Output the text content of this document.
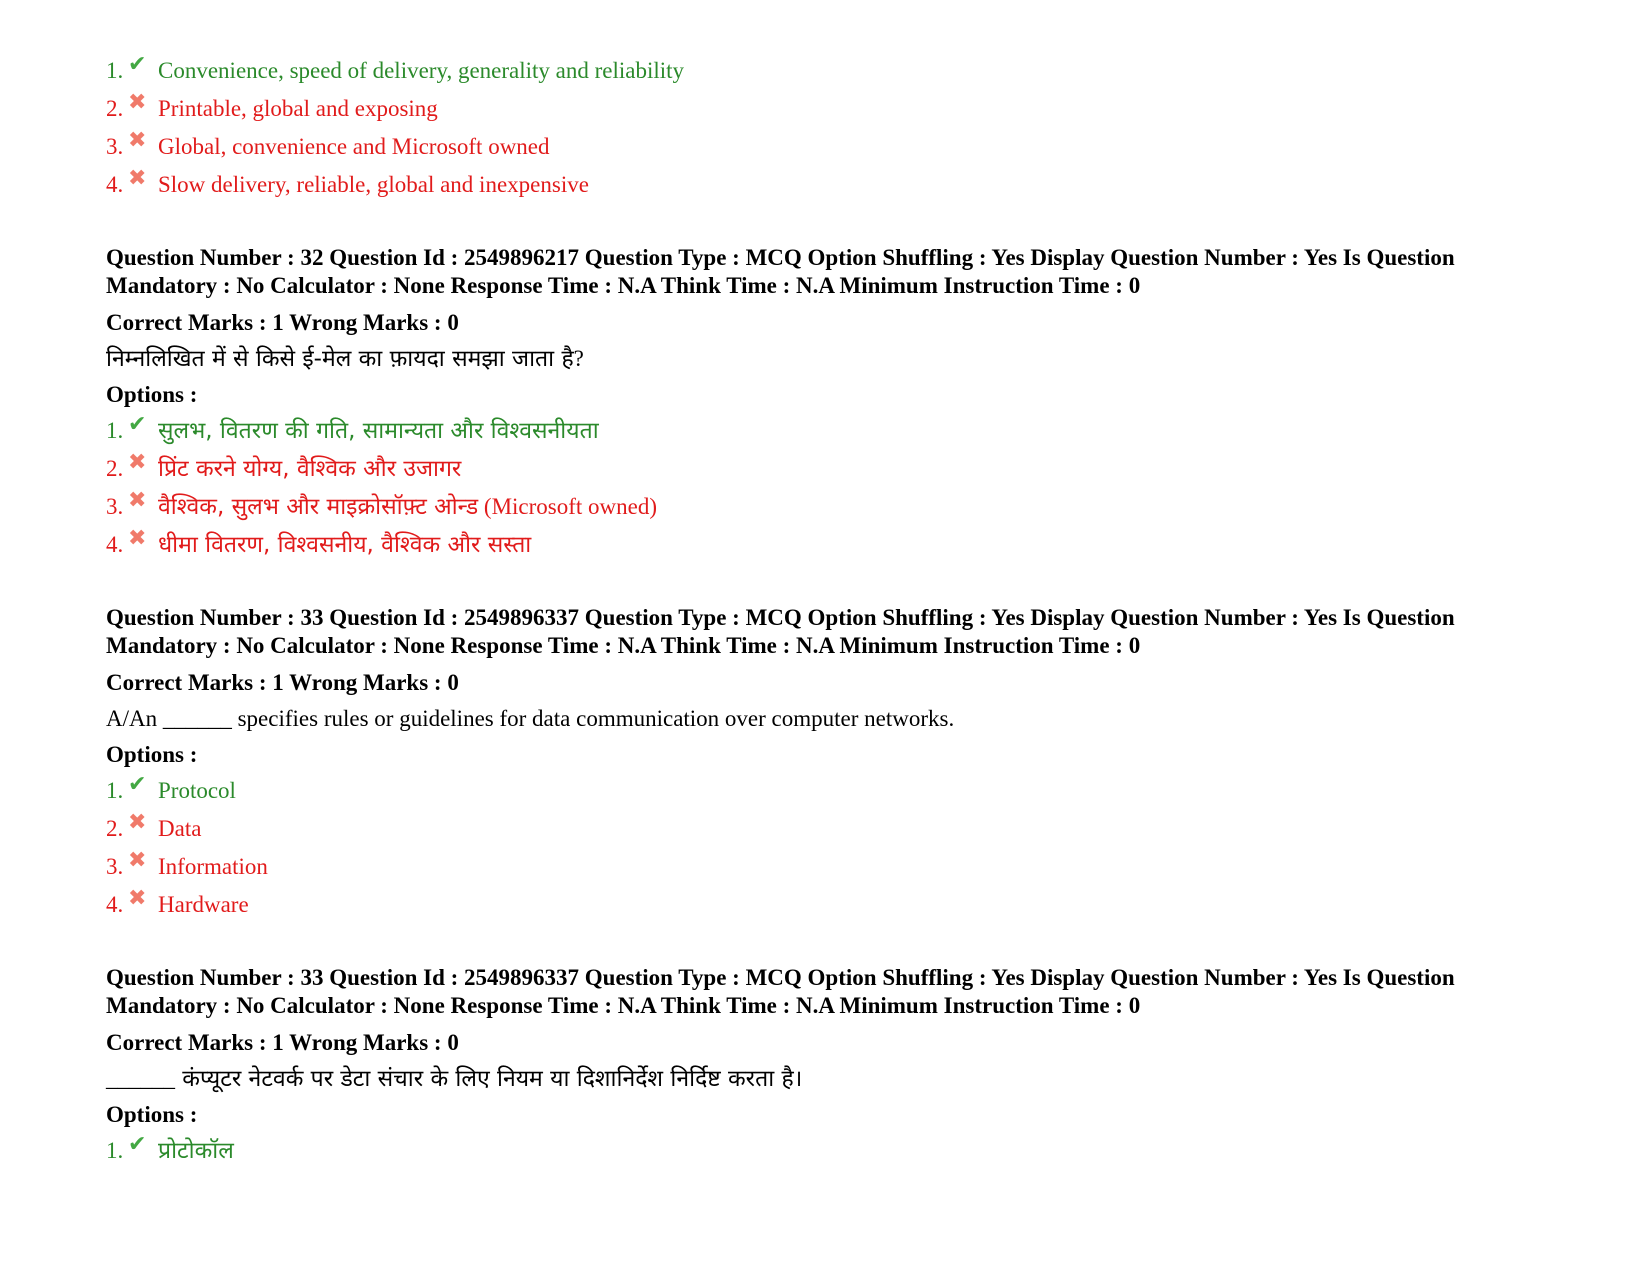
1. ✔ Convenience, speed of delivery, generality and reliability
2. ✖ Printable, global and exposing
3. ✖ Global, convenience and Microsoft owned
4. ✖ Slow delivery, reliable, global and inexpensive
Question Number : 32 Question Id : 2549896217 Question Type : MCQ Option Shuffling : Yes Display Question Number : Yes Is Question Mandatory : No Calculator : None Response Time : N.A Think Time : N.A Minimum Instruction Time : 0
Correct Marks : 1 Wrong Marks : 0
निम्नलिखित में से किसे ई-मेल का फ़ायदा समझा जाता है?
Options :
1. ✔ सुलभ, वितरण की गति, सामान्यता और विश्वसनीयता
2. ✖ प्रिंट करने योग्य, वैश्विक और उजागर
3. ✖ वैश्विक, सुलभ और माइक्रोसॉफ़्ट ओन्ड (Microsoft owned)
4. ✖ धीमा वितरण, विश्वसनीय, वैश्विक और सस्ता
Question Number : 33 Question Id : 2549896337 Question Type : MCQ Option Shuffling : Yes Display Question Number : Yes Is Question Mandatory : No Calculator : None Response Time : N.A Think Time : N.A Minimum Instruction Time : 0
Correct Marks : 1 Wrong Marks : 0
A/An ______ specifies rules or guidelines for data communication over computer networks.
Options :
1. ✔ Protocol
2. ✖ Data
3. ✖ Information
4. ✖ Hardware
Question Number : 33 Question Id : 2549896337 Question Type : MCQ Option Shuffling : Yes Display Question Number : Yes Is Question Mandatory : No Calculator : None Response Time : N.A Think Time : N.A Minimum Instruction Time : 0
Correct Marks : 1 Wrong Marks : 0
______ कंप्यूटर नेटवर्क पर डेटा संचार के लिए नियम या दिशानिर्देश निर्दिष्ट करता है।
Options :
1. ✔ प्रोटोकॉल
